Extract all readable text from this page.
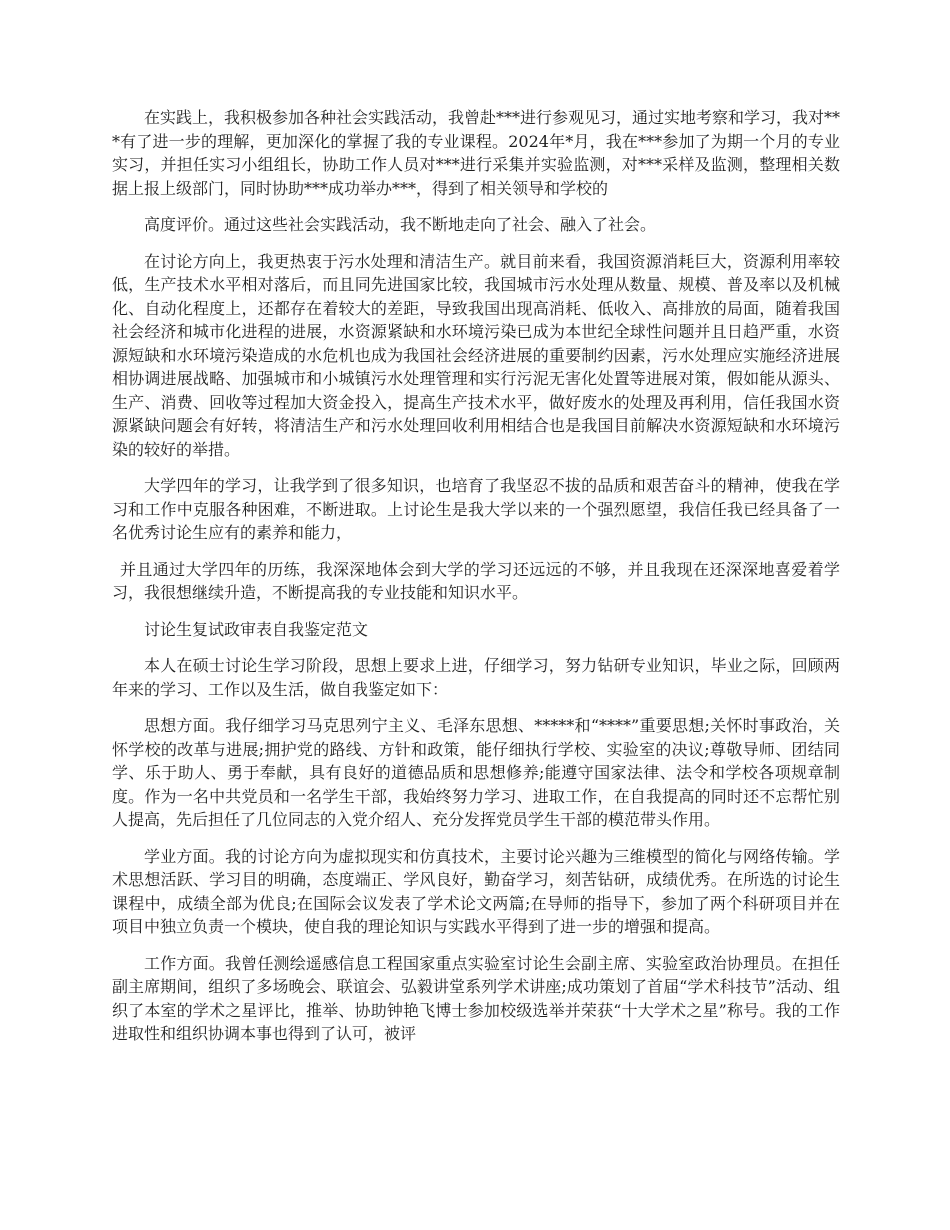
在实践上，我积极参加各种社会实践活动，我曾赴***进行参观见习，通过实地考察和学习，我对***有了进一步的理解，更加深化的掌握了我的专业课程。2024年*月，我在***参加了为期一个月的专业实习，并担任实习小组组长，协助工作人员对***进行采集并实验监测，对***采样及监测，整理相关数据上报上级部门，同时协助***成功举办***，得到了相关领导和学校的

高度评价。通过这些社会实践活动，我不断地走向了社会、融入了社会。

在讨论方向上，我更热衷于污水处理和清洁生产。就目前来看，我国资源消耗巨大，资源利用率较低，生产技术水平相对落后，而且同先进国家比较，我国城市污水处理从数量、规模、普及率以及机械化、自动化程度上，还都存在着较大的差距，导致我国出现高消耗、低收入、高排放的局面，随着我国社会经济和城市化进程的进展，水资源紧缺和水环境污染已成为本世纪全球性问题并且日趋严重，水资源短缺和水环境污染造成的水危机也成为我国社会经济进展的重要制约因素，污水处理应实施经济进展相协调进展战略、加强城市和小城镇污水处理管理和实行污泥无害化处置等进展对策，假如能从源头、生产、消费、回收等过程加大资金投入，提高生产技术水平，做好废水的处理及再利用，信任我国水资源紧缺问题会有好转，将清洁生产和污水处理回收利用相结合也是我国目前解决水资源短缺和水环境污染的较好的举措。

大学四年的学习，让我学到了很多知识，也培育了我坚忍不拔的品质和艰苦奋斗的精神，使我在学习和工作中克服各种困难，不断进取。上讨论生是我大学以来的一个强烈愿望，我信任我已经具备了一名优秀讨论生应有的素养和能力，

并且通过大学四年的历练，我深深地体会到大学的学习还远远的不够，并且我现在还深深地喜爱着学习，我很想继续升造，不断提高我的专业技能和知识水平。

讨论生复试政审表自我鉴定范文

本人在硕士讨论生学习阶段，思想上要求上进，仔细学习，努力钻研专业知识，毕业之际，回顾两年来的学习、工作以及生活，做自我鉴定如下：

思想方面。我仔细学习马克思列宁主义、毛泽东思想、*****和“****”重要思想;关怀时事政治，关怀学校的改革与进展;拥护党的路线、方针和政策，能仔细执行学校、实验室的决议;尊敬导师、团结同学、乐于助人、勇于奉献，具有良好的道德品质和思想修养;能遵守国家法律、法令和学校各项规章制度。作为一名中共党员和一名学生干部，我始终努力学习、进取工作，在自我提高的同时还不忘帮忙别人提高，先后担任了几位同志的入党介绍人、充分发挥党员学生干部的模范带头作用。

学业方面。我的讨论方向为虚拟现实和仿真技术，主要讨论兴趣为三维模型的简化与网络传输。学术思想活跃、学习目的明确，态度端正、学风良好，勤奋学习，刻苦钻研，成绩优秀。在所选的讨论生课程中，成绩全部为优良;在国际会议发表了学术论文两篇;在导师的指导下，参加了两个科研项目并在项目中独立负责一个模块，使自我的理论知识与实践水平得到了进一步的增强和提高。

工作方面。我曾任测绘遥感信息工程国家重点实验室讨论生会副主席、实验室政治协理员。在担任副主席期间，组织了多场晚会、联谊会、弘毅讲堂系列学术讲座;成功策划了首届“学术科技节”活动、组织了本室的学术之星评比，推举、协助钟艳飞博士参加校级选举并荣获“十大学术之星”称号。我的工作进取性和组织协调本事也得到了认可，被评
